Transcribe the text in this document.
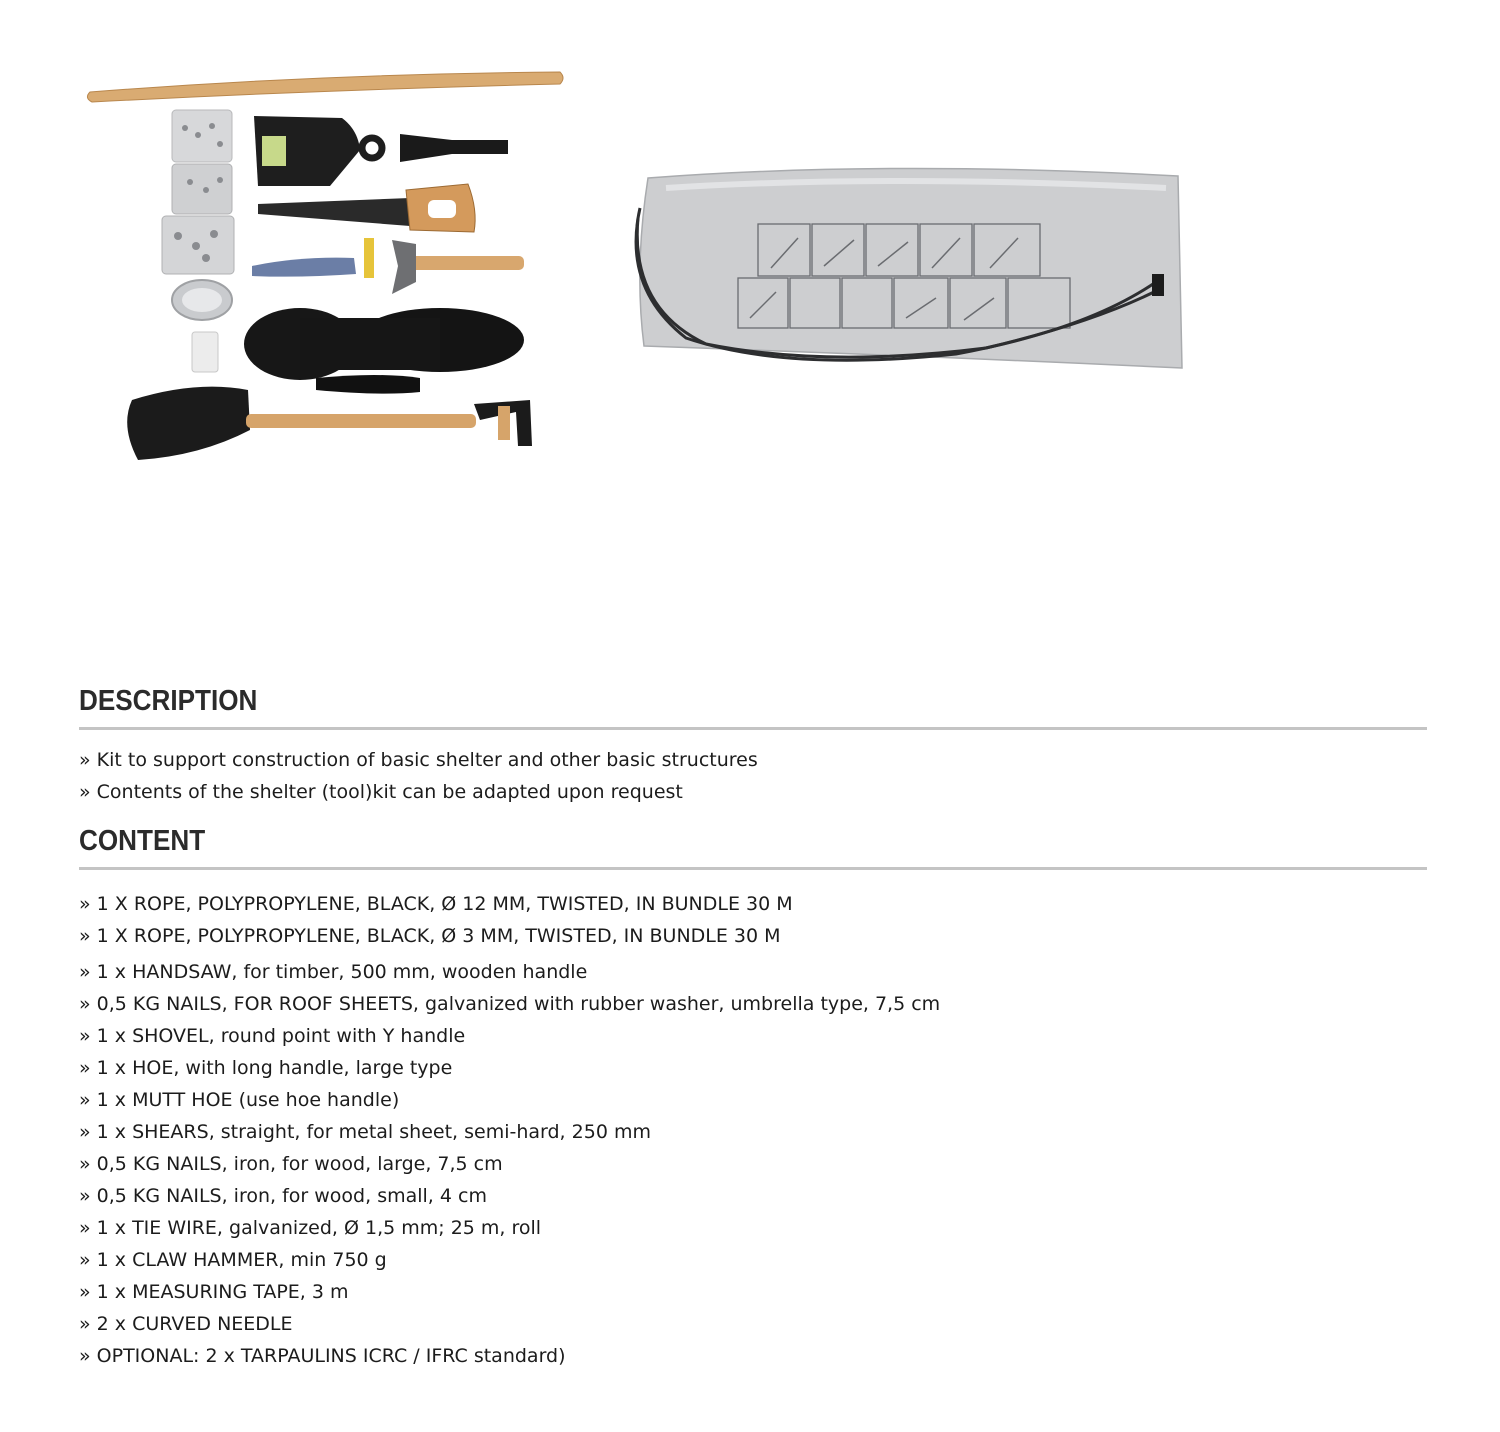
DESCRIPTION
» Kit to support construction of basic shelter and other basic structures
» Contents of the shelter (tool)kit can be adapted upon request
CONTENT
» 1 X ROPE, POLYPROPYLENE, BLACK, Ø 12 MM, TWISTED, IN BUNDLE 30 M
» 1 X ROPE, POLYPROPYLENE, BLACK, Ø 3 MM, TWISTED, IN BUNDLE 30 M
» 1 x HANDSAW, for timber, 500 mm, wooden handle
» 0,5 KG NAILS, FOR ROOF SHEETS, galvanized with rubber washer, umbrella type, 7,5 cm
» 1 x SHOVEL, round point with Y handle
» 1 x HOE, with long handle, large type
» 1 x MUTT HOE (use hoe handle)
» 1 x SHEARS, straight, for metal sheet, semi-hard, 250 mm
» 0,5 KG NAILS, iron, for wood, large, 7,5 cm
» 0,5 KG NAILS, iron, for wood, small, 4 cm
» 1 x TIE WIRE, galvanized, Ø 1,5 mm; 25 m, roll
» 1 x CLAW HAMMER, min 750 g
» 1 x MEASURING TAPE, 3 m
» 2 x CURVED NEEDLE
» OPTIONAL: 2 x TARPAULINS ICRC / IFRC standard)
